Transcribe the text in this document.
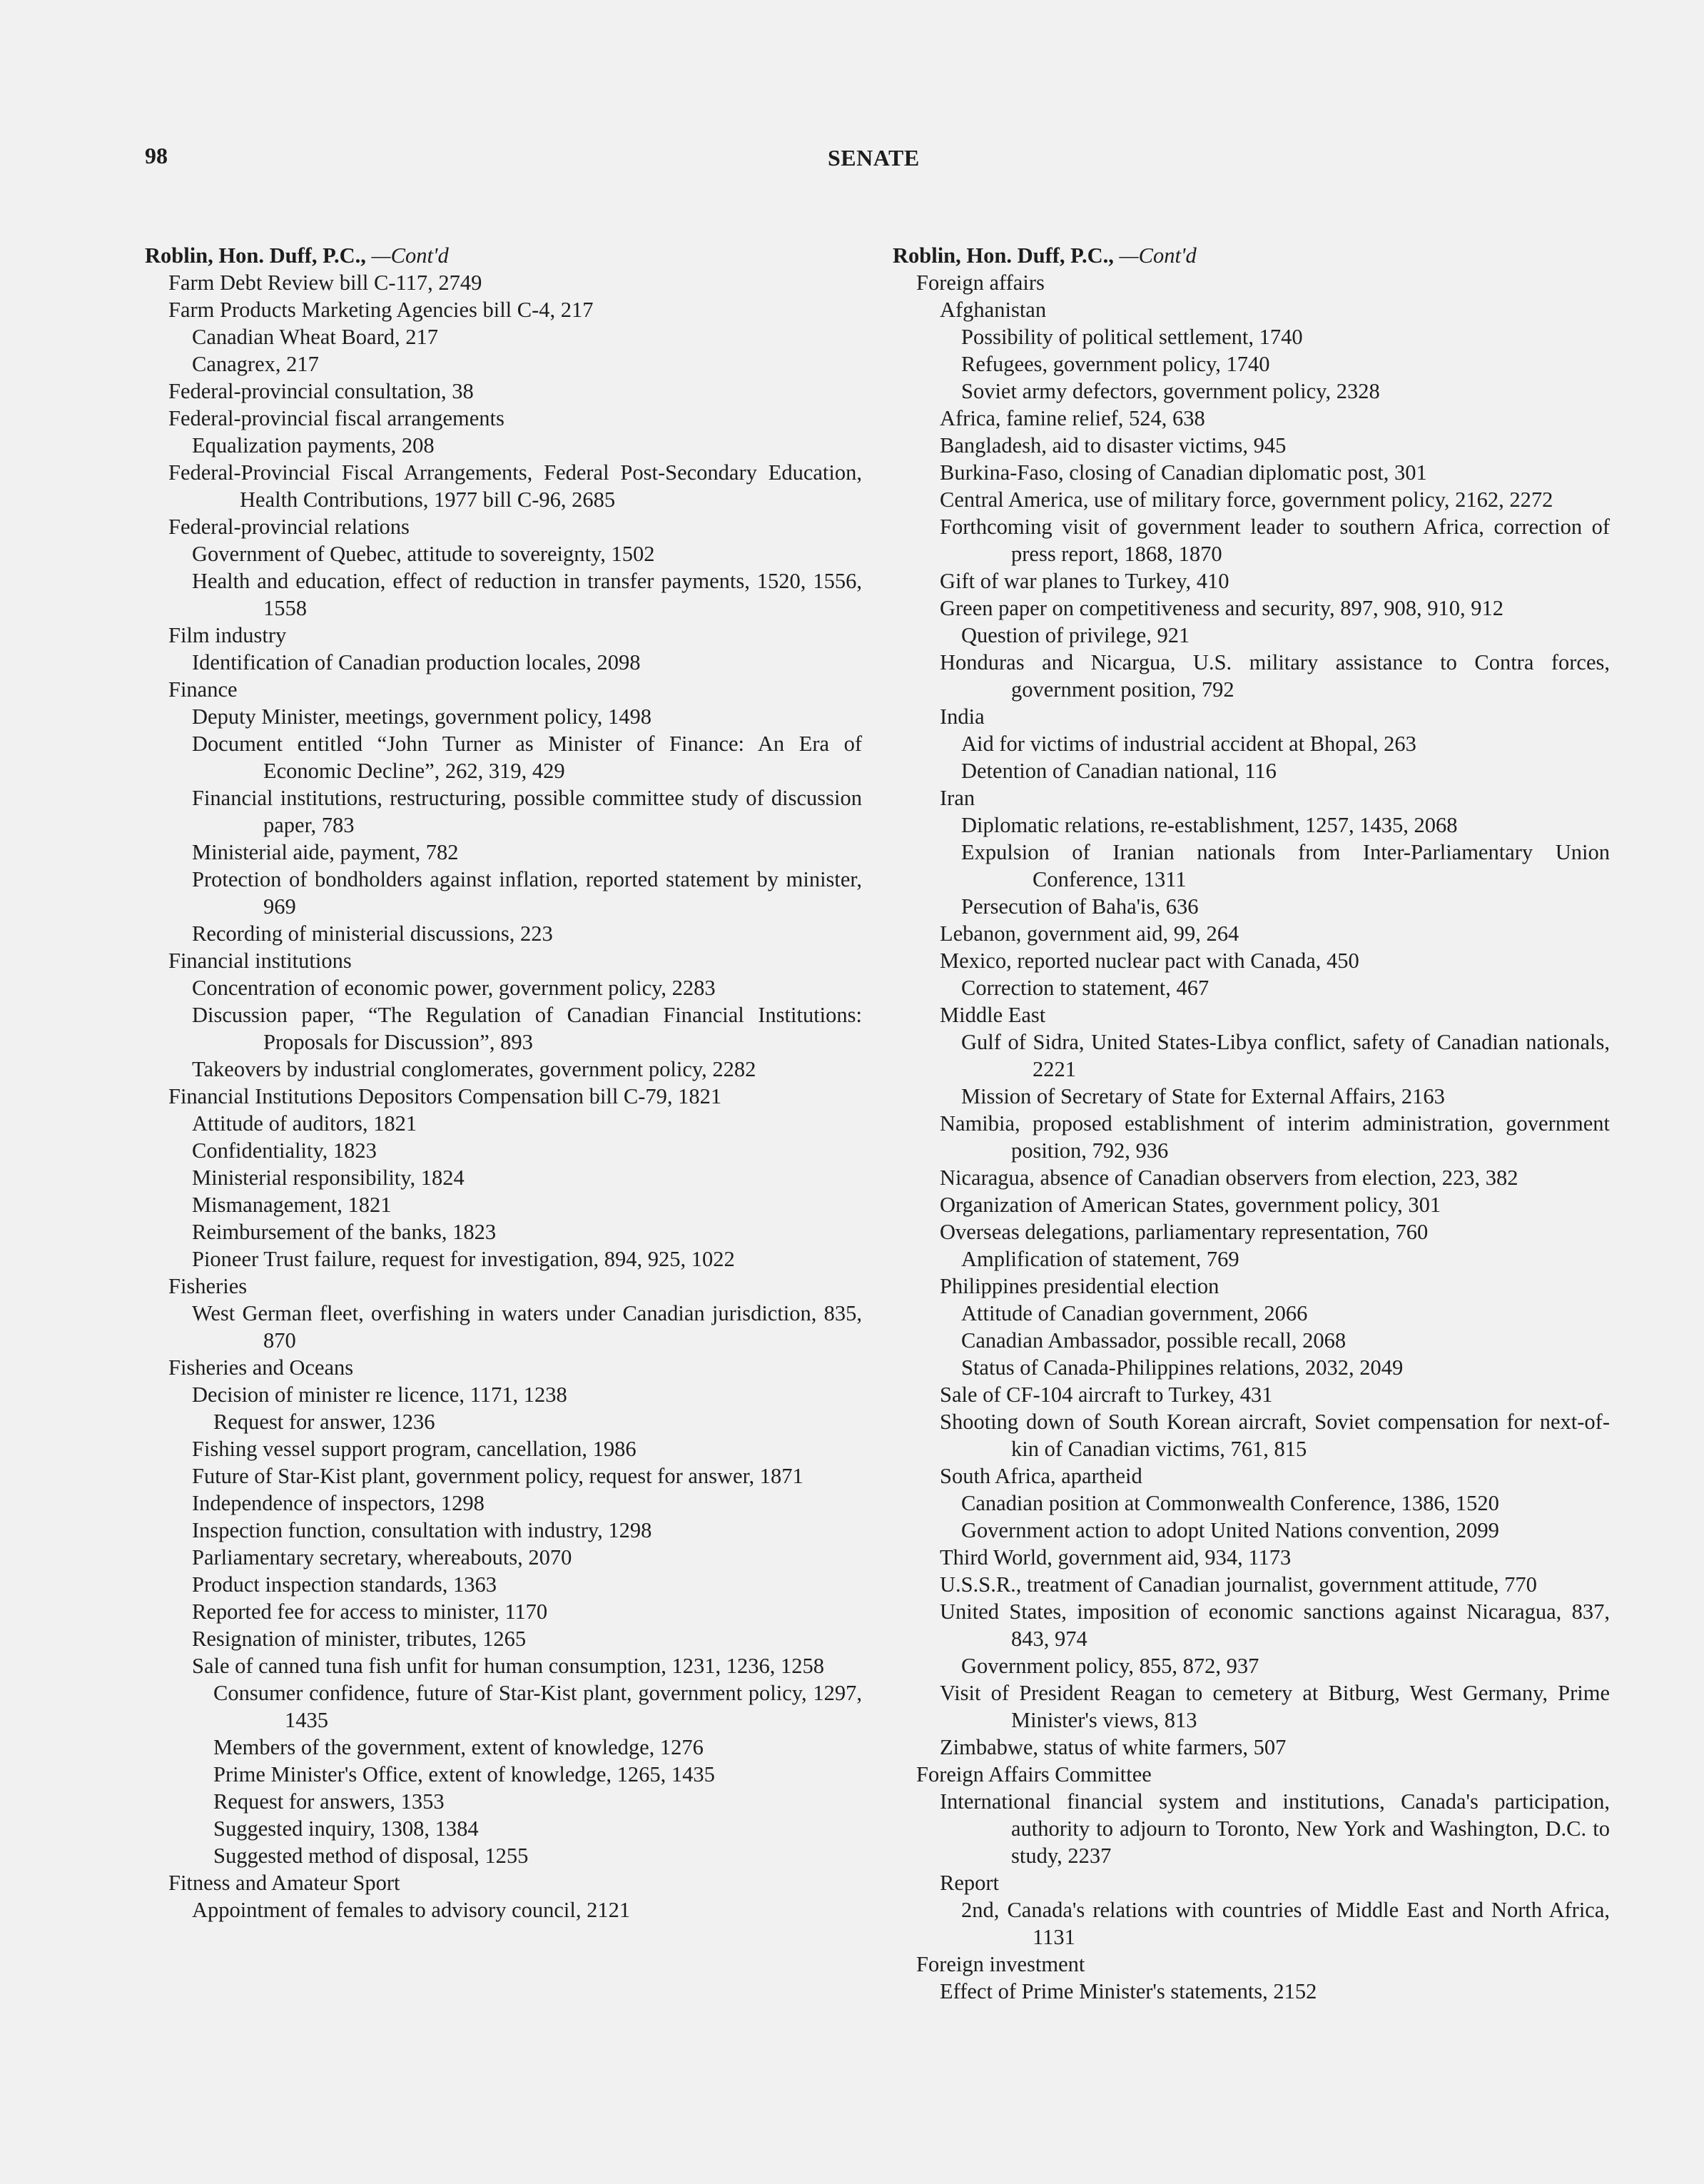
98	SENATE

Roblin, Hon. Duff, P.C., —Cont'd

Farm Debt Review bill C-117, 2749

Farm Products Marketing Agencies bill C-4, 217

Canadian Wheat Board, 217

Canagrex, 217

Federal-provincial consultation, 38

Federal-provincial fiscal arrangements

Equalization payments, 208

Federal-Provincial Fiscal Arrangements, Federal Post-Secondary Education, Health Contributions, 1977 bill C-96, 2685

Federal-provincial relations

Government of Quebec, attitude to sovereignty, 1502

Health and education, effect of reduction in transfer payments, 1520, 1556, 1558

Film industry

Identification of Canadian production locales, 2098

Finance

Deputy Minister, meetings, government policy, 1498

Document entitled “John Turner as Minister of Finance: An Era of Economic Decline”, 262, 319, 429

Financial institutions, restructuring, possible committee study of discussion paper, 783

Ministerial aide, payment, 782

Protection of bondholders against inflation, reported statement by minister, 969

Recording of ministerial discussions, 223

Financial institutions

Concentration of economic power, government policy, 2283

Discussion paper, “The Regulation of Canadian Financial Institutions: Proposals for Discussion”, 893

Takeovers by industrial conglomerates, government policy, 2282

Financial Institutions Depositors Compensation bill C-79, 1821

Attitude of auditors, 1821

Confidentiality, 1823

Ministerial responsibility, 1824

Mismanagement, 1821

Reimbursement of the banks, 1823

Pioneer Trust failure, request for investigation, 894, 925, 1022

Fisheries

West German fleet, overfishing in waters under Canadian jurisdiction, 835, 870

Fisheries and Oceans

Decision of minister re licence, 1171, 1238

Request for answer, 1236

Fishing vessel support program, cancellation, 1986

Future of Star-Kist plant, government policy, request for answer, 1871

Independence of inspectors, 1298

Inspection function, consultation with industry, 1298

Parliamentary secretary, whereabouts, 2070

Product inspection standards, 1363

Reported fee for access to minister, 1170

Resignation of minister, tributes, 1265

Sale of canned tuna fish unfit for human consumption, 1231, 1236, 1258

Consumer confidence, future of Star-Kist plant, government policy, 1297, 1435

Members of the government, extent of knowledge, 1276

Prime Minister's Office, extent of knowledge, 1265, 1435

Request for answers, 1353

Suggested inquiry, 1308, 1384

Suggested method of disposal, 1255

Fitness and Amateur Sport

Appointment of females to advisory council, 2121

Roblin, Hon. Duff, P.C., —Cont'd

Foreign affairs

Afghanistan

Possibility of political settlement, 1740

Refugees, government policy, 1740

Soviet army defectors, government policy, 2328

Africa, famine relief, 524, 638

Bangladesh, aid to disaster victims, 945

Burkina-Faso, closing of Canadian diplomatic post, 301

Central America, use of military force, government policy, 2162, 2272

Forthcoming visit of government leader to southern Africa, correction of press report, 1868, 1870

Gift of war planes to Turkey, 410

Green paper on competitiveness and security, 897, 908, 910, 912

Question of privilege, 921

Honduras and Nicargua, U.S. military assistance to Contra forces, government position, 792

India

Aid for victims of industrial accident at Bhopal, 263

Detention of Canadian national, 116

Iran

Diplomatic relations, re-establishment, 1257, 1435, 2068

Expulsion of Iranian nationals from Inter-Parliamentary Union Conference, 1311

Persecution of Baha'is, 636

Lebanon, government aid, 99, 264

Mexico, reported nuclear pact with Canada, 450

Correction to statement, 467

Middle East

Gulf of Sidra, United States-Libya conflict, safety of Canadian nationals, 2221

Mission of Secretary of State for External Affairs, 2163

Namibia, proposed establishment of interim administration, government position, 792, 936

Nicaragua, absence of Canadian observers from election, 223, 382

Organization of American States, government policy, 301

Overseas delegations, parliamentary representation, 760

Amplification of statement, 769

Philippines presidential election

Attitude of Canadian government, 2066

Canadian Ambassador, possible recall, 2068

Status of Canada-Philippines relations, 2032, 2049

Sale of CF-104 aircraft to Turkey, 431

Shooting down of South Korean aircraft, Soviet compensation for next-of-kin of Canadian victims, 761, 815

South Africa, apartheid

Canadian position at Commonwealth Conference, 1386, 1520

Government action to adopt United Nations convention, 2099

Third World, government aid, 934, 1173

U.S.S.R., treatment of Canadian journalist, government attitude, 770

United States, imposition of economic sanctions against Nicaragua, 837, 843, 974

Government policy, 855, 872, 937

Visit of President Reagan to cemetery at Bitburg, West Germany, Prime Minister's views, 813

Zimbabwe, status of white farmers, 507

Foreign Affairs Committee

International financial system and institutions, Canada's participation, authority to adjourn to Toronto, New York and Washington, D.C. to study, 2237

Report

2nd, Canada's relations with countries of Middle East and North Africa, 1131

Foreign investment

Effect of Prime Minister's statements, 2152
